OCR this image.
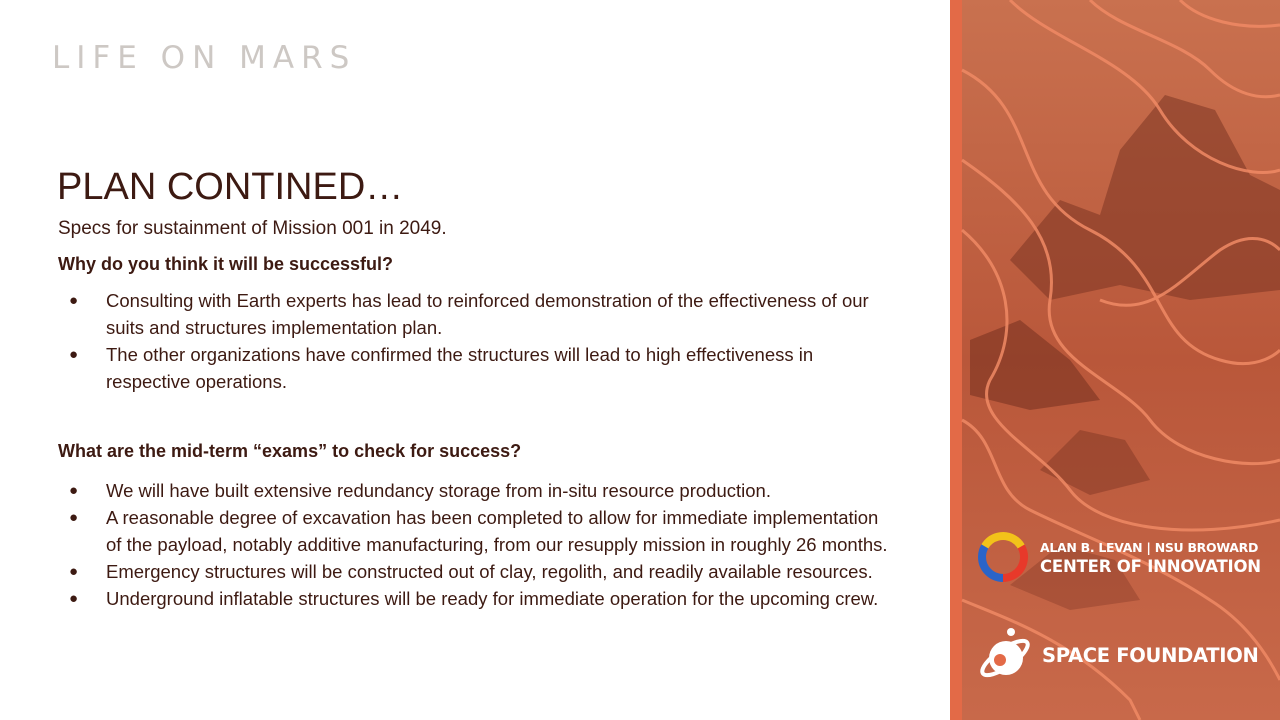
LIFE ON MARS
PLAN CONTINED…

Specs for sustainment of Mission 001 in 2049.

Why do you think it will be successful?

● Consulting with Earth experts has lead to reinforced demonstration of the effectiveness of our suits and structures implementation plan.
● The other organizations have confirmed the structures will lead to high effectiveness in respective operations.

What are the mid-term “exams” to check for success?

● We will have built extensive redundancy storage from in-situ resource production.
● A reasonable degree of excavation has been completed to allow for immediate implementation of the payload, notably additive manufacturing, from our resupply mission in roughly 26 months.
● Emergency structures will be constructed out of clay, regolith, and readily available resources.
● Underground inflatable structures will be ready for immediate operation for the upcoming crew.
ALAN B. LEVAN | NSU BROWARD
CENTER OF INNOVATION
SPACE FOUNDATION
